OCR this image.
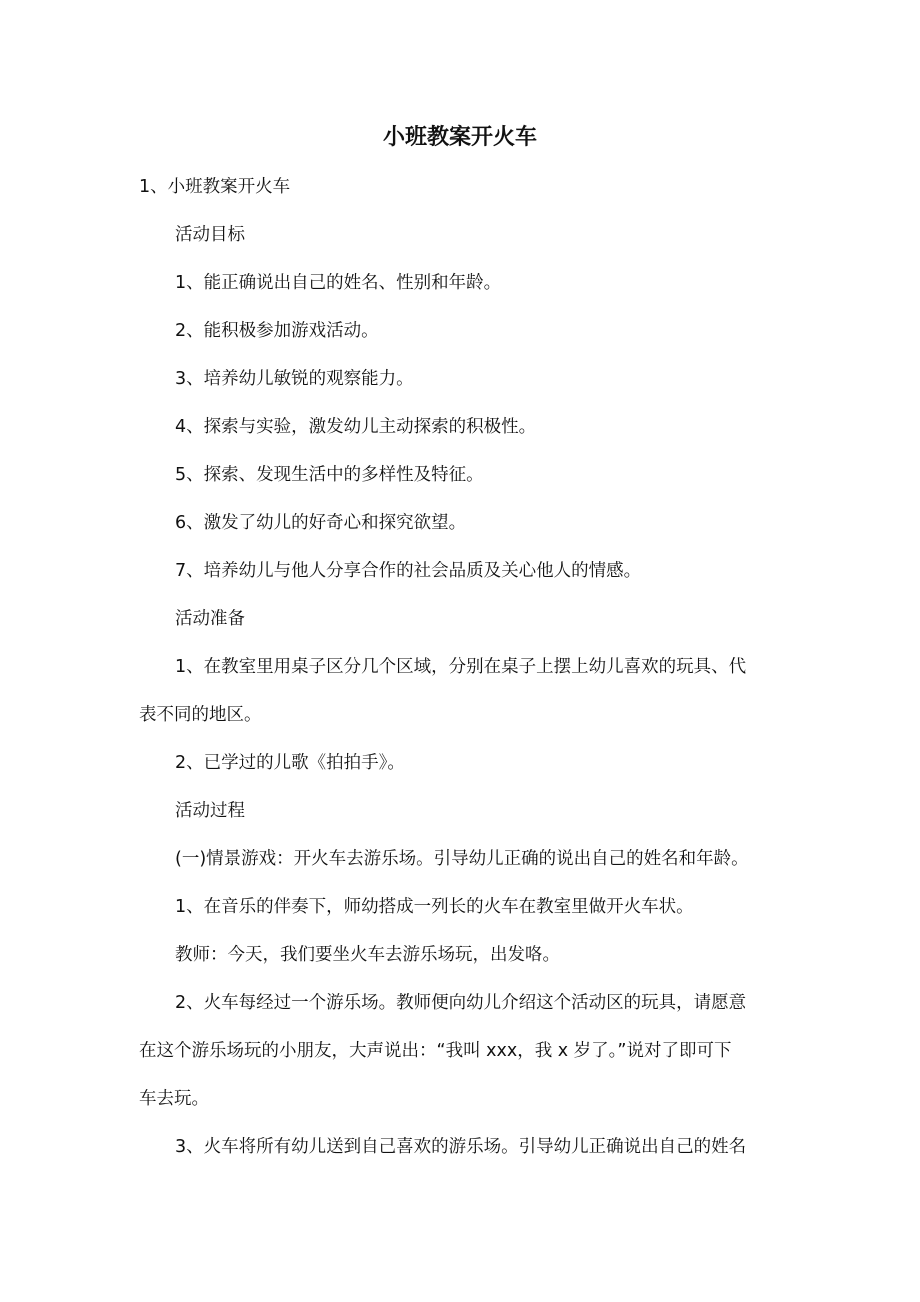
小班教案开火车
1、小班教案开火车
活动目标
1、能正确说出自己的姓名、性别和年龄。
2、能积极参加游戏活动。
3、培养幼儿敏锐的观察能力。
4、探索与实验，激发幼儿主动探索的积极性。
5、探索、发现生活中的多样性及特征。
6、激发了幼儿的好奇心和探究欲望。
7、培养幼儿与他人分享合作的社会品质及关心他人的情感。
活动准备
1、在教室里用桌子区分几个区域，分别在桌子上摆上幼儿喜欢的玩具、代
表不同的地区。
2、已学过的儿歌《拍拍手》。
活动过程
(一)情景游戏：开火车去游乐场。引导幼儿正确的说出自己的姓名和年龄。
1、在音乐的伴奏下，师幼搭成一列长的火车在教室里做开火车状。
教师：今天，我们要坐火车去游乐场玩，出发咯。
2、火车每经过一个游乐场。教师便向幼儿介绍这个活动区的玩具，请愿意
在这个游乐场玩的小朋友，大声说出：“我叫 xxx，我 x 岁了。”说对了即可下
车去玩。
3、火车将所有幼儿送到自己喜欢的游乐场。引导幼儿正确说出自己的姓名
